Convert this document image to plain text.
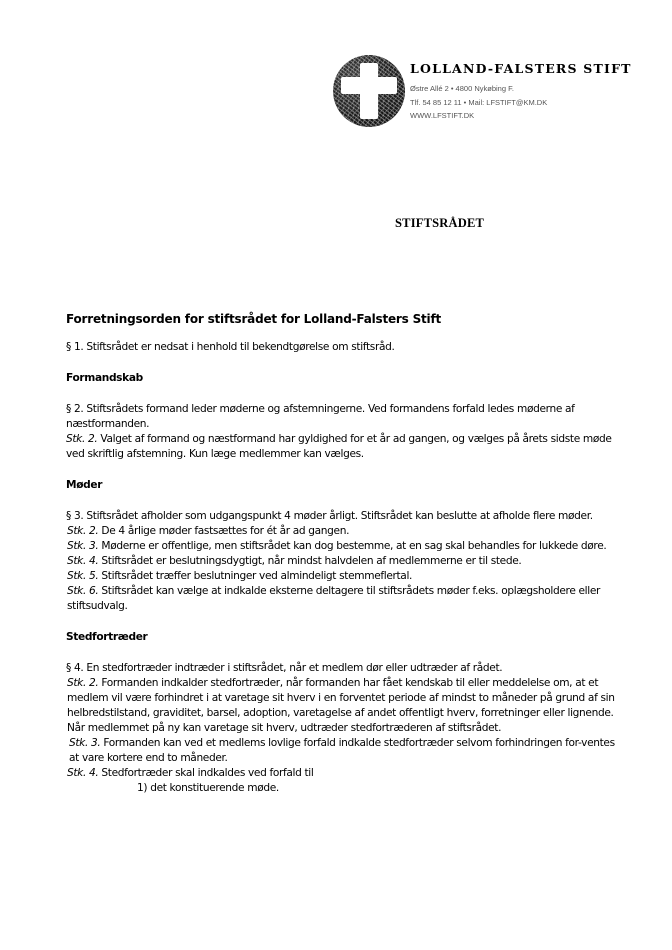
LOLLAND-FALSTERS STIFT
Østre Allé 2 • 4800 Nykøbing F.
Tlf. 54 85 12 11 • Mail: LFSTIFT@KM.DK
WWW.LFSTIFT.DK
STIFTSRÅDET

Forretningsorden for stiftsrådet for Lolland-Falsters Stift

§ 1. Stiftsrådet er nedsat i henhold til bekendtgørelse om stiftsråd.

Formandskab

§ 2. Stiftsrådets formand leder møderne og afstemningerne. Ved formandens forfald ledes møderne af næstformanden.

Stk. 2. Valget af formand og næstformand har gyldighed for et år ad gangen, og vælges på årets sidste møde ved skriftlig afstemning. Kun læge medlemmer kan vælges.

Møder

§ 3. Stiftsrådet afholder som udgangspunkt 4 møder årligt. Stiftsrådet kan beslutte at afholde flere møder.

Stk. 2. De 4 årlige møder fastsættes for ét år ad gangen.

Stk. 3. Møderne er offentlige, men stiftsrådet kan dog bestemme, at en sag skal behandles for lukkede døre.

Stk. 4. Stiftsrådet er beslutningsdygtigt, når mindst halvdelen af medlemmerne er til stede.

Stk. 5. Stiftsrådet træffer beslutninger ved almindeligt stemmeflertal.

Stk. 6. Stiftsrådet kan vælge at indkalde eksterne deltagere til stiftsrådets møder f.eks. oplægsholdere eller stiftsudvalg.

Stedfortræder

§ 4. En stedfortræder indtræder i stiftsrådet, når et medlem dør eller udtræder af rådet.

Stk. 2. Formanden indkalder stedfortræder, når formanden har fået kendskab til eller meddelelse om, at et medlem vil være forhindret i at varetage sit hverv i en forventet periode af mindst to måneder på grund af sin helbredstilstand, graviditet, barsel, adoption, varetagelse af andet offentligt hverv, forretninger eller lignende. Når medlemmet på ny kan varetage sit hverv, udtræder stedfortræderen af stiftsrådet.

Stk. 3. Formanden kan ved et medlems lovlige forfald indkalde stedfortræder selvom forhindringen for-ventes at vare kortere end to måneder.

Stk. 4. Stedfortræder skal indkaldes ved forfald til

1) det konstituerende møde.
